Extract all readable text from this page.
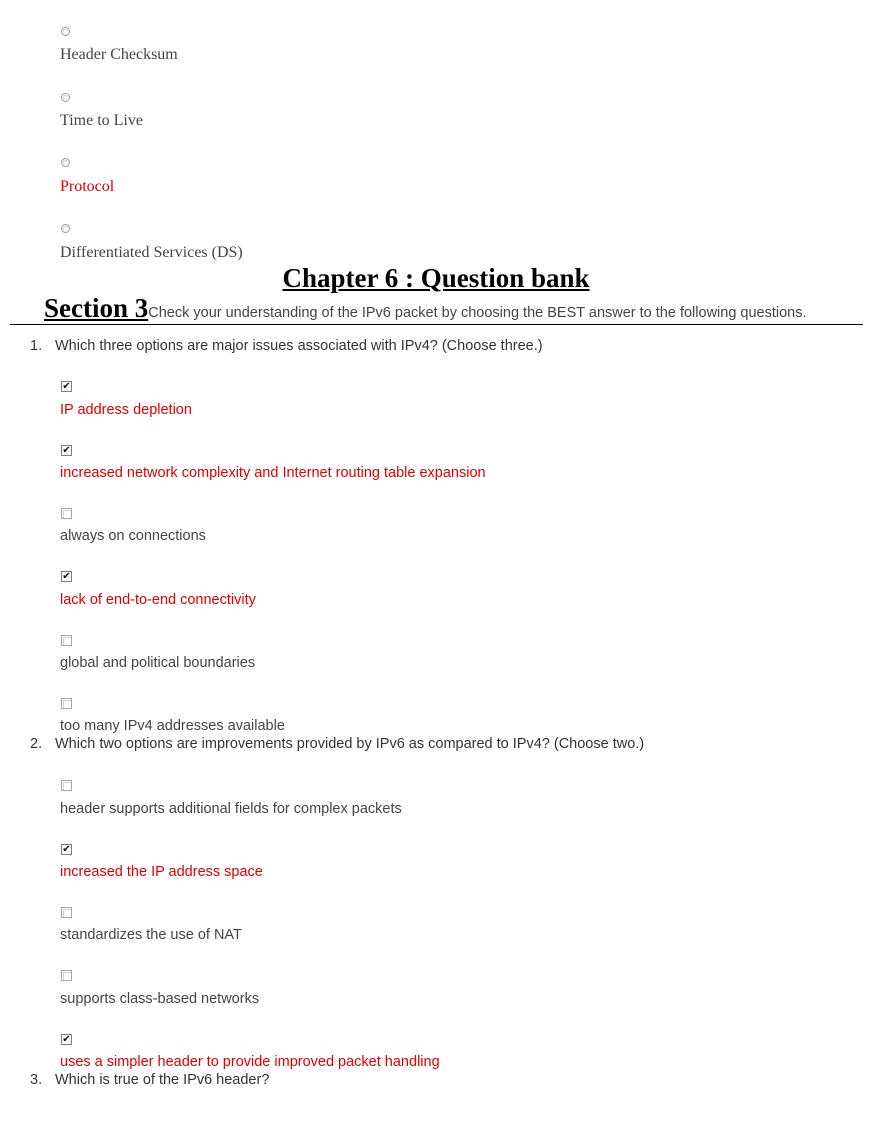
Header Checksum
Time to Live
Protocol
Differentiated Services (DS)
Chapter 6 : Question bank
Section 3Check your understanding of the IPv6 packet by choosing the BEST answer to the following questions.
1. Which three options are major issues associated with IPv4? (Choose three.)
✔
IP address depletion
✔
increased network complexity and Internet routing table expansion
always on connections
✔
lack of end-to-end connectivity
global and political boundaries
too many IPv4 addresses available
2. Which two options are improvements provided by IPv6 as compared to IPv4? (Choose two.)
header supports additional fields for complex packets
✔
increased the IP address space
standardizes the use of NAT
supports class-based networks
✔
uses a simpler header to provide improved packet handling
3. Which is true of the IPv6 header?
